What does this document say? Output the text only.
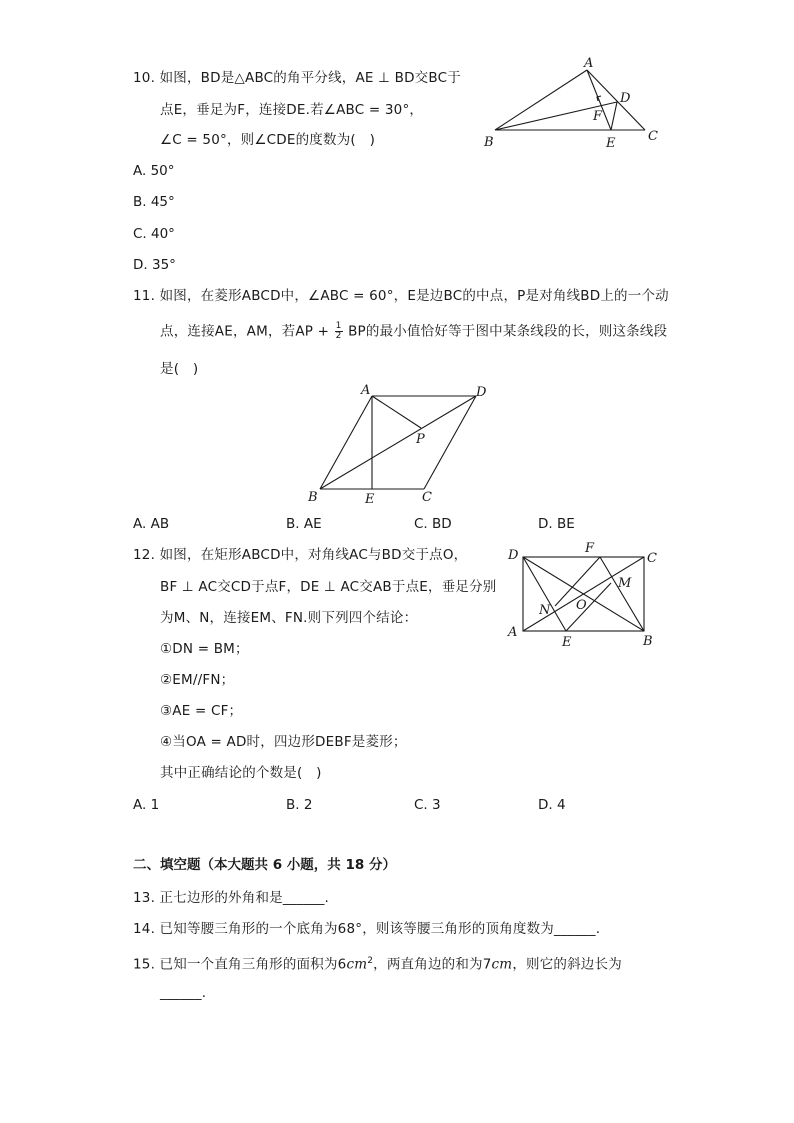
10. 如图，BD是△ABC的角平分线，AE ⊥ BD交BC于
点E，垂足为F，连接DE.若∠ABC = 30°，
∠C = 50°，则∠CDE的度数为(　)
A. 50°
B. 45°
C. 40°
D. 35°
A
D
F
B	E	C
11. 如图，在菱形ABCD中，∠ABC = 60°，E是边BC的中点，P是对角线BD上的一个动
点，连接AE，AM，若AP + $\frac{1}{2}$ BP的最小值恰好等于图中某条线段的长，则这条线段
是(　)
A	D
P
B	E	C
A. AB	B. AE	C. BD	D. BE
12. 如图，在矩形ABCD中，对角线AC与BD交于点O，
BF ⊥ AC交CD于点F，DE ⊥ AC交AB于点E，垂足分别
为M、N，连接EM、FN.则下列四个结论：
①DN = BM；
②EM//FN；
③AE = CF；
④当OA = AD时，四边形DEBF是菱形；
其中正确结论的个数是(　)
D	F
C
M
N O
A
E	B
A. 1	B. 2	C. 3	D. 4
二、填空题（本大题共 6 小题，共 18 分）
13. 正七边形的外角和是______.
14. 已知等腰三角形的一个底角为68°，则该等腰三角形的顶角度数为______.
15. 已知一个直角三角形的面积为$6cm^2$，两直角边的和为7cm，则它的斜边长为
______.
